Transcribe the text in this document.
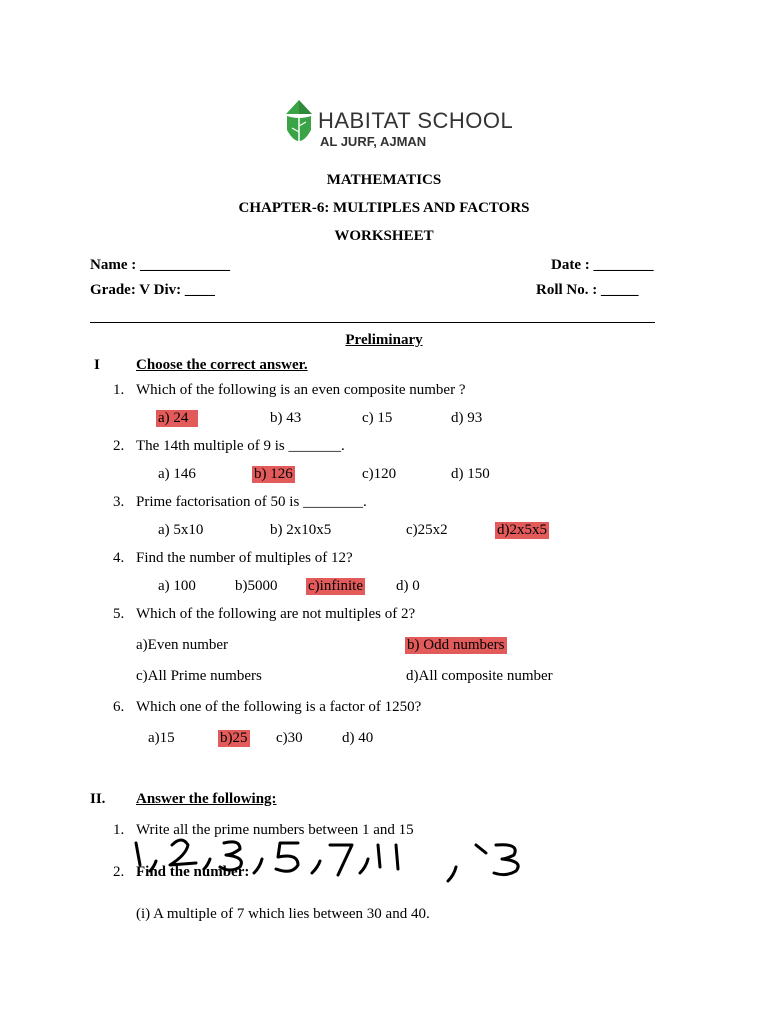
HABITAT SCHOOL
AL JURF, AJMAN
MATHEMATICS
CHAPTER-6: MULTIPLES AND FACTORS
WORKSHEET
Name : ____________	Date : ________
Grade: V Div: ____	Roll No. : _____
Preliminary
I Choose the correct answer.
1. Which of the following is an even composite number ?
a) 24	b) 43	c) 15	d) 93
2. The 14th multiple of 9 is _______.
a) 146	b) 126	c)120	d) 150
3. Prime factorisation of 50 is ________.
a) 5x10	b) 2x10x5	c)25x2	d)2x5x5
4. Find the number of multiples of 12?
a) 100	b)5000 c)infinite d) 0
5. Which of the following are not multiples of 2?
a)Even number	b) Odd numbers
c)All Prime numbers	d)All composite number
6. Which one of the following is a factor of 1250?
a)15	b)25 c)30	d) 40
II. Answer the following:
1. Write all the prime numbers between 1 and 15
2. Find the number:
(i) A multiple of 7 which lies between 30 and 40.
